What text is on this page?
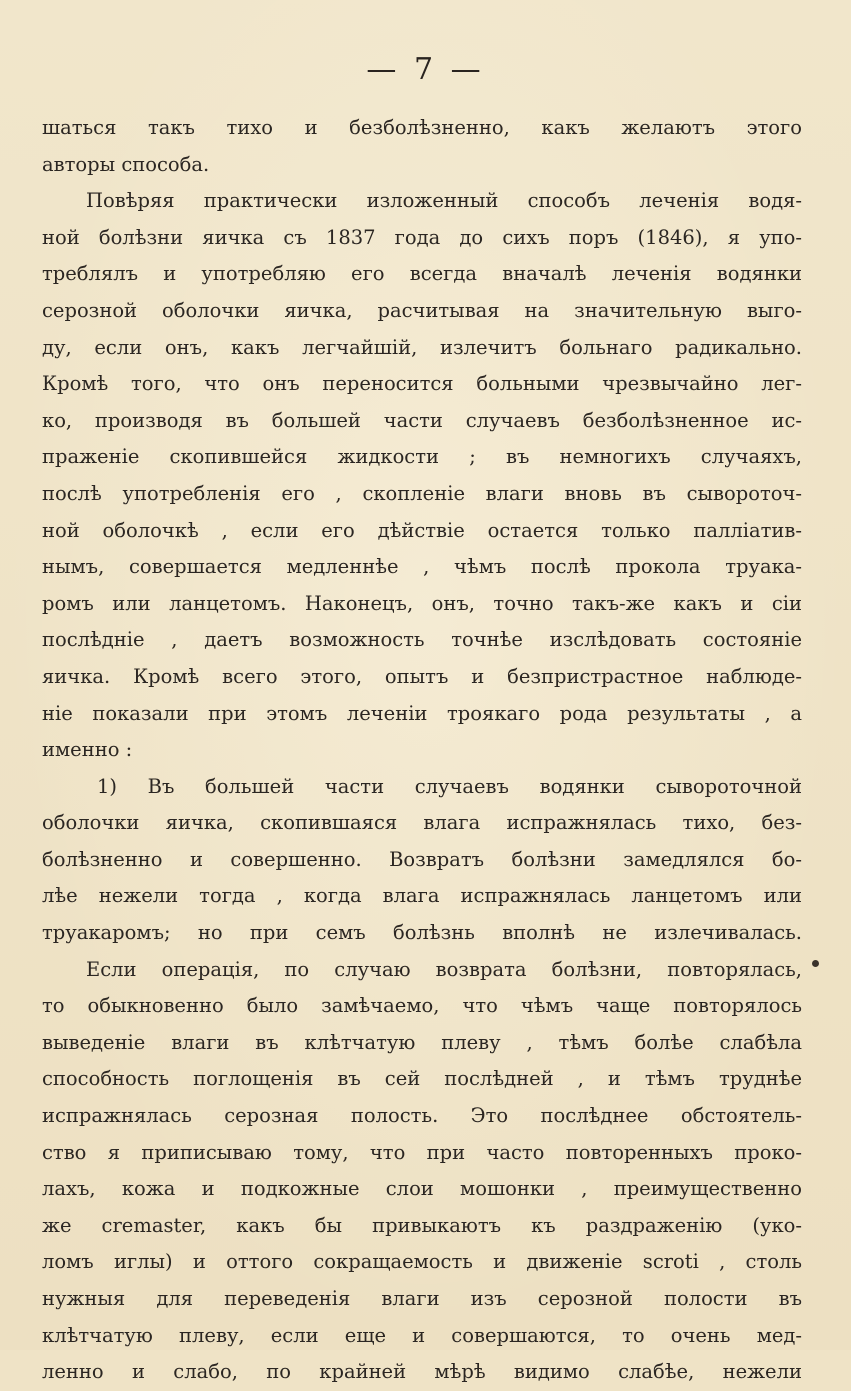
— 7 —
шаться такъ тихо и безболѣзненно, какъ желаютъ этого
авторы способа.
Повѣряя практически изложенный способъ леченія водя-
ной болѣзни яичка съ 1837 года до сихъ поръ (1846), я упо-
треблялъ и употребляю его всегда вначалѣ леченія водянки
серозной оболочки яичка, расчитывая на значительную выго-
ду, если онъ, какъ легчайшій, излечитъ больнаго радикально.
Кромѣ того, что онъ переносится больными чрезвычайно лег-
ко, производя въ большей части случаевъ безболѣзненное ис-
праженіе скопившейся жидкости ; въ немногихъ случаяхъ,
послѣ употребленія его , скопленіе влаги вновь въ сывороточ-
ной оболочкѣ , если его дѣйствіе остается только паллiатив-
нымъ, совершается медленнѣе , чѣмъ послѣ прокола труака-
ромъ или ланцетомъ. Наконецъ, онъ, точно такъ-же какъ и сіи
послѣдніе , даетъ возможность точнѣе изслѣдовать состояніе
яичка. Кромѣ всего этого, опытъ и безпристрастное наблюде-
ніе показали при этомъ леченіи троякаго рода результаты , а
именно :
1) Въ большей части случаевъ водянки сывороточной
оболочки яичка, скопившаяся влага испражнялась тихо, без-
болѣзненно и совершенно. Возвратъ болѣзни замедлялся бо-
лѣе нежели тогда , когда влага испражнялась ланцетомъ или
труакаромъ; но при семъ болѣзнь вполнѣ не излечивалась.
Если операція, по случаю возврата болѣзни, повторялась,
то обыкновенно было замѣчаемо, что чѣмъ чаще повторялось
выведеніе влаги въ клѣтчатую плеву , тѣмъ болѣе слабѣла
способность поглощенія въ сей послѣдней , и тѣмъ труднѣе
испражнялась серозная полость. Это послѣднее обстоятель-
ство я приписываю тому, что при часто повторенныхъ проко-
лахъ, кожа и подкожные слои мошонки , преимущественно
же cremaster, какъ бы привыкаютъ къ раздраженію (уко-
ломъ иглы) и оттого сокращаемость и движеніе scroti , столь
нужныя для переведенія влаги изъ серозной полости въ
клѣтчатую плеву, если еще и совершаются, то очень мед-
ленно и слабо, по крайней мѣрѣ видимо слабѣе, нежели
